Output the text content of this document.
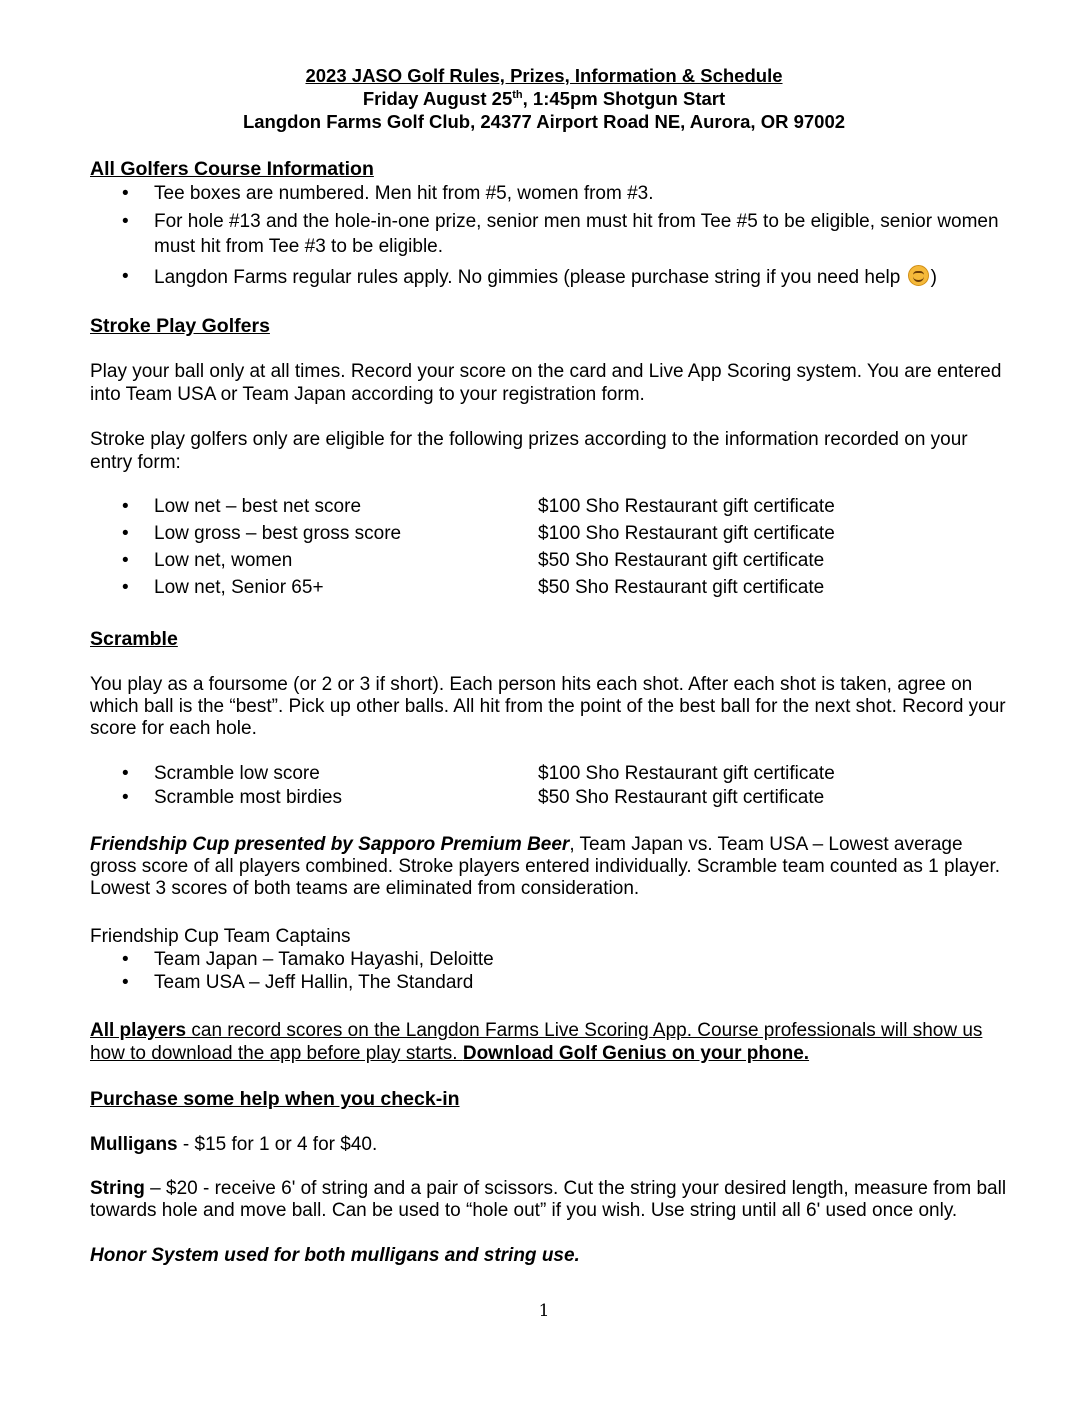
2023 JASO Golf Rules, Prizes, Information & Schedule
Friday August 25th, 1:45pm Shotgun Start
Langdon Farms Golf Club, 24377 Airport Road NE, Aurora, OR 97002
All Golfers Course Information
• Tee boxes are numbered. Men hit from #5, women from #3.
• For hole #13 and the hole-in-one prize, senior men must hit from Tee #5 to be eligible, senior women must hit from Tee #3 to be eligible.
• Langdon Farms regular rules apply. No gimmies (please purchase string if you need help )
Stroke Play Golfers

Play your ball only at all times. Record your score on the card and Live App Scoring system. You are entered into Team USA or Team Japan according to your registration form.

Stroke play golfers only are eligible for the following prizes according to the information recorded on your entry form:

• Low net – best net score	$100 Sho Restaurant gift certificate
• Low gross – best gross score	$100 Sho Restaurant gift certificate
• Low net, women	$50 Sho Restaurant gift certificate
• Low net, Senior 65+	$50 Sho Restaurant gift certificate
Scramble

You play as a foursome (or 2 or 3 if short). Each person hits each shot. After each shot is taken, agree on which ball is the “best”. Pick up other balls. All hit from the point of the best ball for the next shot. Record your score for each hole.

• Scramble low score	$100 Sho Restaurant gift certificate
• Scramble most birdies	$50 Sho Restaurant gift certificate

Friendship Cup presented by Sapporo Premium Beer, Team Japan vs. Team USA – Lowest average gross score of all players combined. Stroke players entered individually. Scramble team counted as 1 player. Lowest 3 scores of both teams are eliminated from consideration.

Friendship Cup Team Captains

• Team Japan – Tamako Hayashi, Deloitte
• Team USA – Jeff Hallin, The Standard

All players can record scores on the Langdon Farms Live Scoring App. Course professionals will show us how to download the app before play starts. Download Golf Genius on your phone.

Purchase some help when you check-in

Mulligans - $15 for 1 or 4 for $40.

String – $20 - receive 6' of string and a pair of scissors. Cut the string your desired length, measure from ball towards hole and move ball. Can be used to “hole out” if you wish. Use string until all 6' used once only.

Honor System used for both mulligans and string use.

1
